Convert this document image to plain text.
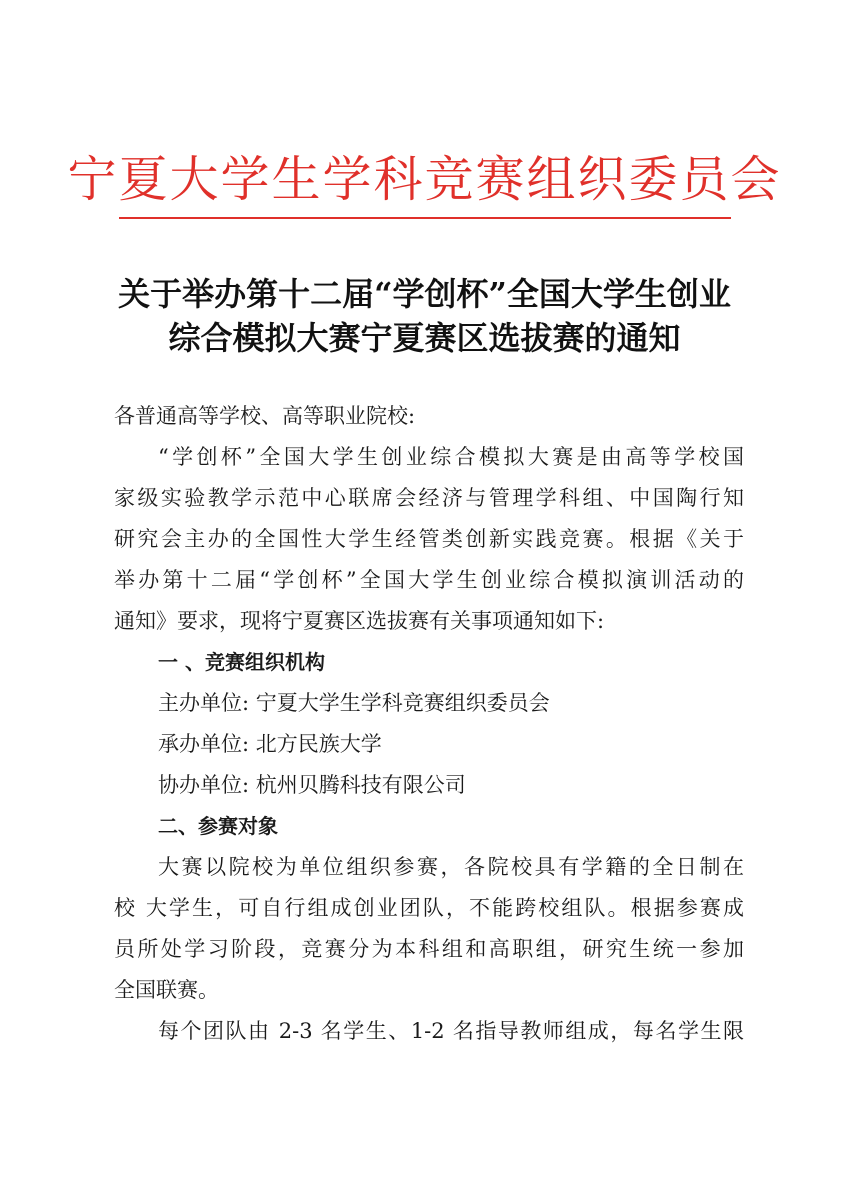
宁夏大学生学科竞赛组织委员会
关于举办第十二届“学创杯”全国大学生创业
综合模拟大赛宁夏赛区选拔赛的通知
各普通高等学校、高等职业院校:
“学创杯”全国大学生创业综合模拟大赛是由高等学校国
家级实验教学示范中心联席会经济与管理学科组、中国陶行知
研究会主办的全国性大学生经管类创新实践竞赛。根据《关于
举办第十二届“学创杯”全国大学生创业综合模拟演训活动的
通知》要求，现将宁夏赛区选拔赛有关事项通知如下:
一 、竞赛组织机构
主办单位: 宁夏大学生学科竞赛组织委员会
承办单位: 北方民族大学
协办单位: 杭州贝腾科技有限公司
二、参赛对象
大赛以院校为单位组织参赛，各院校具有学籍的全日制在
校 大学生，可自行组成创业团队，不能跨校组队。根据参赛成
员所处学习阶段，竞赛分为本科组和高职组，研究生统一参加
全国联赛。
每个团队由 2-3 名学生、1-2 名指导教师组成，每名学生限
